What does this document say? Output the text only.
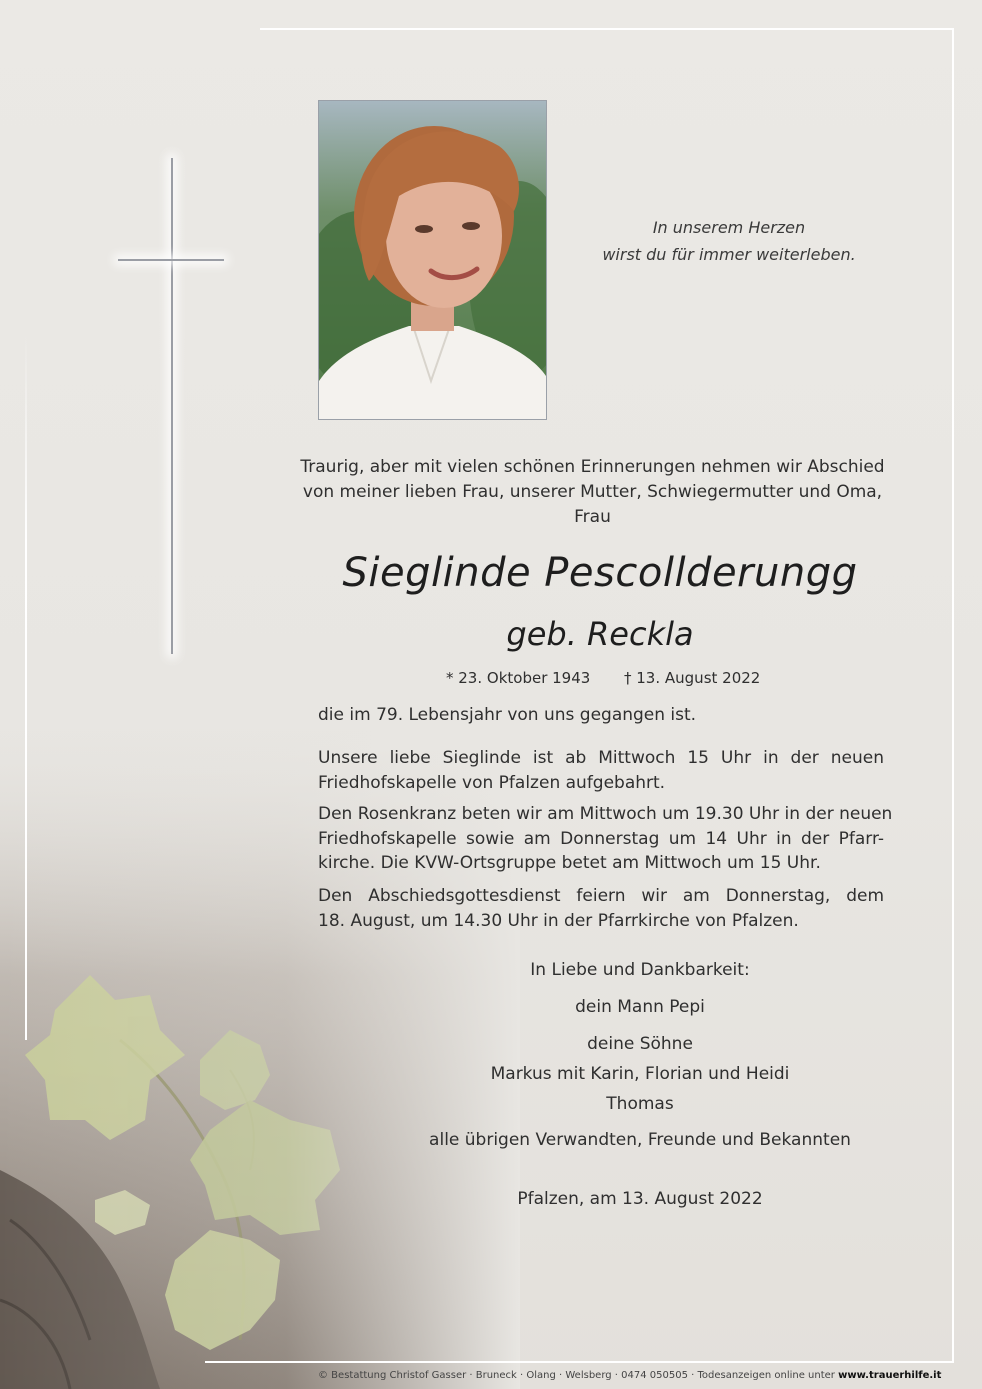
In unserem Herzen
wirst du für immer weiterleben.
Traurig, aber mit vielen schönen Erinnerungen nehmen wir Abschied
von meiner lieben Frau, unserer Mutter, Schwiegermutter und Oma,
Frau
Sieglinde Pescollderungg
geb. Reckla
* 23. Oktober 1943 † 13. August 2022
die im 79. Lebensjahr von uns gegangen ist.
Unsere liebe Sieglinde ist ab Mittwoch 15 Uhr in der neuen
Friedhofskapelle von Pfalzen aufgebahrt.
Den Rosenkranz beten wir am Mittwoch um 19.30 Uhr in der neuen
Friedhofskapelle sowie am Donnerstag um 14 Uhr in der Pfarr-
kirche. Die KVW-Ortsgruppe betet am Mittwoch um 15 Uhr.
Den Abschiedsgottesdienst feiern wir am Donnerstag, dem
18. August, um 14.30 Uhr in der Pfarrkirche von Pfalzen.
In Liebe und Dankbarkeit:
dein Mann Pepi
deine Söhne
Markus mit Karin, Florian und Heidi
Thomas
alle übrigen Verwandten, Freunde und Bekannten
Pfalzen, am 13. August 2022
© Bestattung Christof Gasser · Bruneck · Olang · Welsberg · 0474 050505 · Todesanzeigen online unter www.trauerhilfe.it
